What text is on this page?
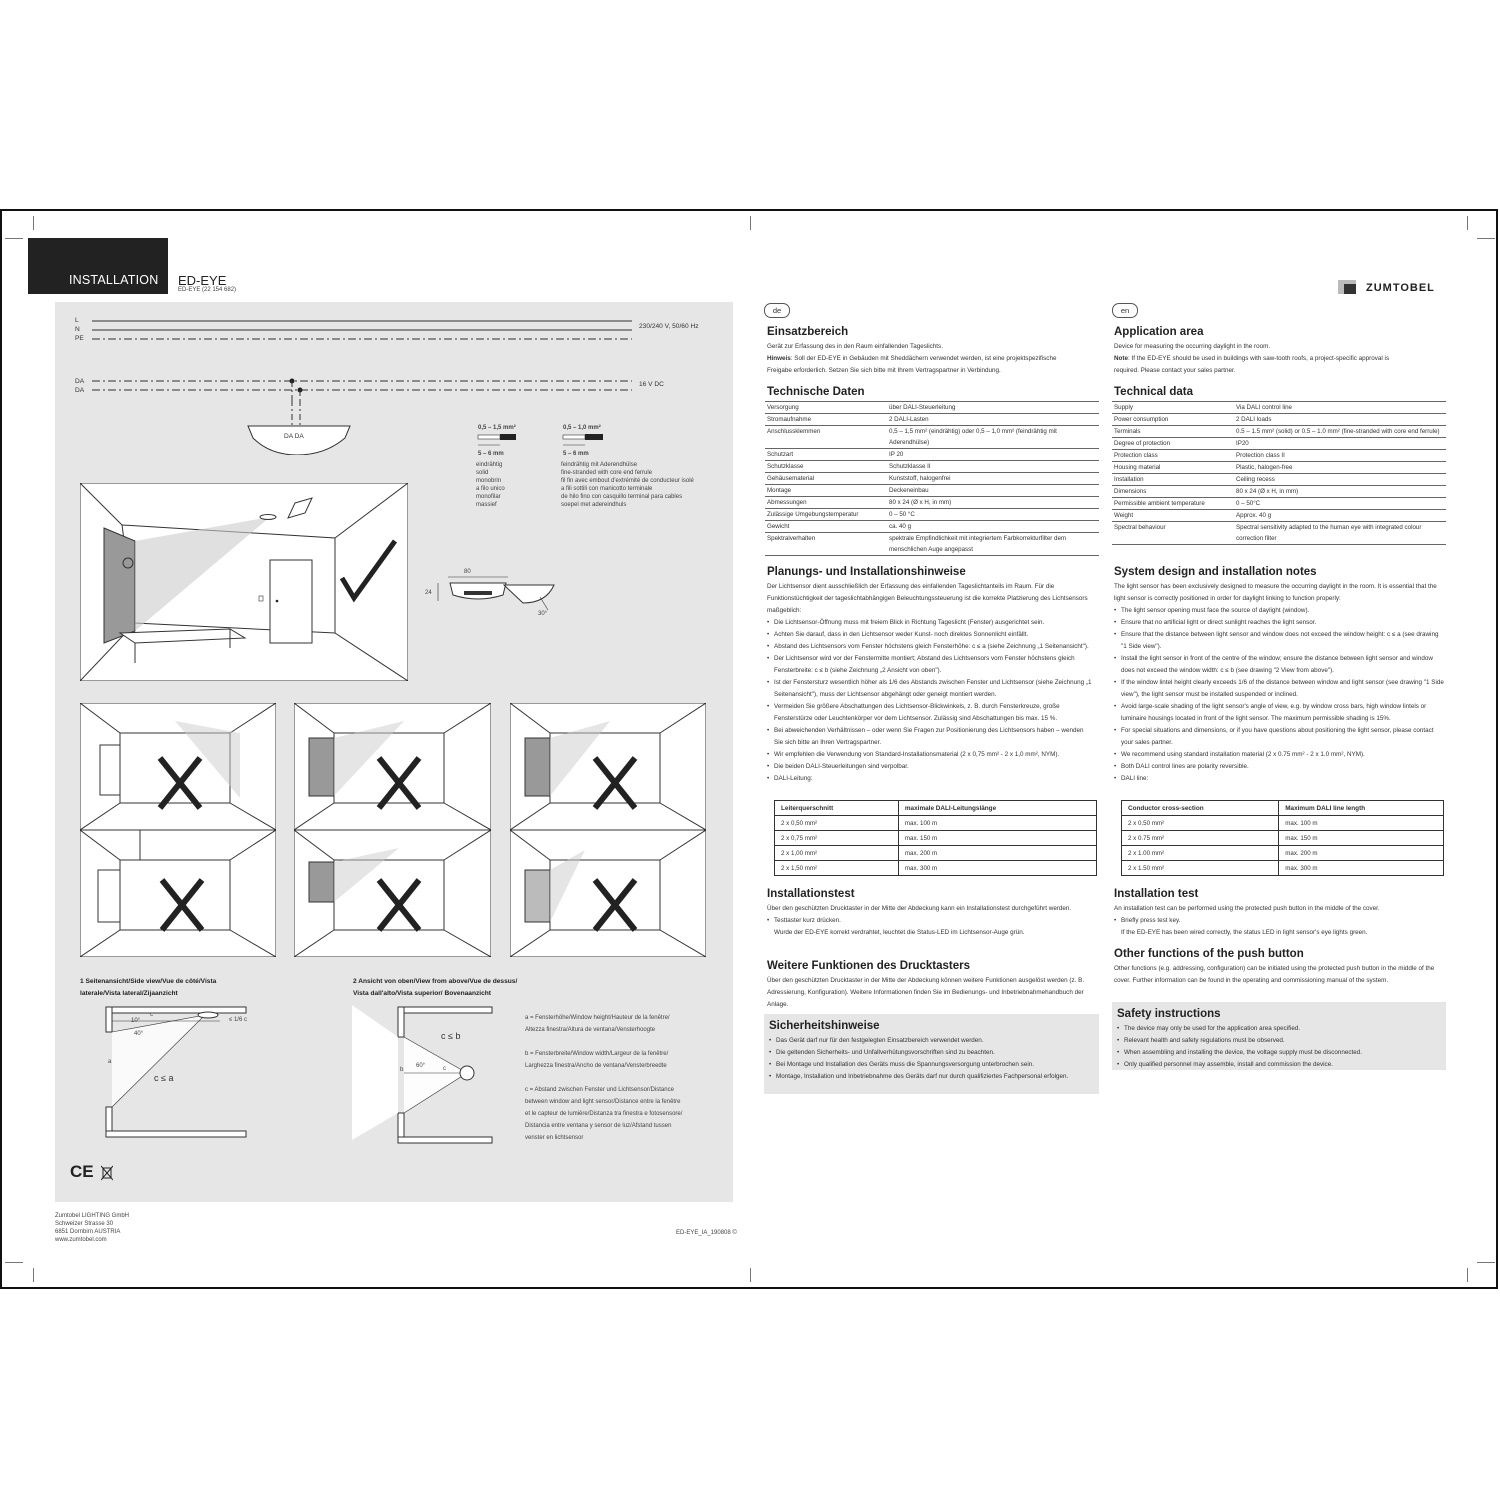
INSTALLATION ED-EYE
ED-EYE (22 154 682)	ZUMTOBEL
L
N
PE
230/240 V, 50/60 Hz
DA
DA
16 V DC
DA DA
0,5 – 1,5 mm²
5 – 6 mm
eindrähtig
solid
monobrin
a filo unico
monofilar
massief
0,5 – 1,0 mm²
5 – 6 mm
feindrähtig mit Aderendhülse
fine-stranded with core end ferrule
fil fin avec embout d'extrémité de conducteur isolé
a fili sottili con manicotto terminale
de hilo fino con casquillo terminal para cables
soepel met adereindhuls
80
24
30°
1 Seitenansicht/Side view/Vue de côté/Vista
laterale/Vista lateral/Zijaanzicht
2 Ansicht von oben/View from above/Vue de dessus/
Vista dall'alto/Vista superior/ Bovenaanzicht
a
c
10°
40°
≤ 1/6 c
c ≤ a
c ≤ b
60°
b	c
a = Fensterhöhe/Window height/Hauteur de la fenêtre/
Altezza finestra/Altura de ventana/Vensterhoogte
b = Fensterbreite/Window width/Largeur de la fenêtre/
Larghezza finestra/Ancho de ventana/Vensterbreedte
c = Abstand zwischen Fenster und Lichtsensor/Distance
between window and light sensor/Distance entre la fenêtre
et le capteur de lumière/Distanza tra finestra e fotosensore/
Distancia entre ventana y sensor de luz/Afstand tussen
venster en lichtsensor
CE
Zumtobel LIGHTING GmbH
Schweizer Strasse 30
6851 Dornbirn AUSTRIA
www.zumtobel.com
ED-EYE_IA_190808 ©
de
Einsatzbereich
Gerät zur Erfassung des in den Raum einfallenden Tageslichts.
Hinweis: Soll der ED-EYE in Gebäuden mit Sheddächern verwendet werden, ist eine projektspezifische
Freigabe erforderlich. Setzen Sie sich bitte mit Ihrem Vertragspartner in Verbindung.
Technische Daten
Versorgung	über DALI-Steuerleitung
Stromaufnahme	2 DALI-Lasten
Anschlussklemmen	0,5 – 1,5 mm² (eindrähtig) oder 0,5 – 1,0 mm² (feindrähtig mit Aderendhülse)
Schutzart	IP 20
Schutzklasse	Schutzklasse II
Gehäusematerial	Kunststoff, halogenfrei
Montage	Deckeneinbau
Abmessungen	80 x 24 (Ø x H, in mm)
Zulässige Umgebungstemperatur	0 – 50 °C
Gewicht	ca. 40 g
Spektralverhalten	spektrale Empfindlichkeit mit integriertem Farbkorrekturfilter dem menschlichen Auge angepasst
Planungs- und Installationshinweise
Der Lichtsensor dient ausschließlich der Erfassung des einfallenden Tageslichtanteils im Raum. Für die Funktionstüchtigkeit der tageslichtabhängigen Beleuchtungssteuerung ist die korrekte Platzierung des Lichtsensors maßgeblich:
• Die Lichtsensor-Öffnung muss mit freiem Blick in Richtung Tageslicht (Fenster) ausgerichtet sein.
• Achten Sie darauf, dass in den Lichtsensor weder Kunst- noch direktes Sonnenlicht einfällt.
• Abstand des Lichtsensors vom Fenster höchstens gleich Fensterhöhe: c ≤ a (siehe Zeichnung „1 Seitenansicht").
• Der Lichtsensor wird vor der Fenstermitte montiert; Abstand des Lichtsensors vom Fenster höchstens gleich Fensterbreite: c ≤ b (siehe Zeichnung „2 Ansicht von oben").
• Ist der Fenstersturz wesentlich höher als 1/6 des Abstands zwischen Fenster und Lichtsensor (siehe Zeichnung „1 Seitenansicht"), muss der Lichtsensor abgehängt oder geneigt montiert werden.
• Vermeiden Sie größere Abschattungen des Lichtsensor-Blickwinkels, z. B. durch Fensterkreuze, große Fensterstürze oder Leuchtenkörper vor dem Lichtsensor. Zulässig sind Abschattungen bis max. 15 %.
• Bei abweichenden Verhältnissen – oder wenn Sie Fragen zur Positionierung des Lichtsensors haben – wenden Sie sich bitte an Ihren Vertragspartner.
• Wir empfehlen die Verwendung von Standard-Installationsmaterial (2 x 0,75 mm² - 2 x 1,0 mm², NYM).
• Die beiden DALI-Steuerleitungen sind verpolbar.
• DALI-Leitung:
Leiterquerschnitt	maximale DALI-Leitungslänge
2 x 0,50 mm²	max. 100 m
2 x 0,75 mm²	max. 150 m
2 x 1,00 mm²	max. 200 m
2 x 1,50 mm²	max. 300 m
Installationstest
Über den geschützten Drucktaster in der Mitte der Abdeckung kann ein Installationstest durchgeführt werden.
• Testtaster kurz drücken.
Wurde der ED-EYE korrekt verdrahtet, leuchtet die Status-LED im Lichtsensor-Auge grün.
Weitere Funktionen des Drucktasters
Über den geschützten Drucktaster in der Mitte der Abdeckung können weitere Funktionen ausgelöst werden (z. B. Adressierung, Konfiguration). Weitere Informationen finden Sie im Bedienungs- und Inbetriebnahmehandbuch der Anlage.
Sicherheitshinweise
• Das Gerät darf nur für den festgelegten Einsatzbereich verwendet werden.
• Die geltenden Sicherheits- und Unfallverhütungsvorschriften sind zu beachten.
• Bei Montage und Installation des Geräts muss die Spannungsversorgung unterbrochen sein.
• Montage, Installation und Inbetriebnahme des Geräts darf nur durch qualifiziertes Fachpersonal erfolgen.
en
Application area
Device for measuring the occurring daylight in the room.
Note: If the ED-EYE should be used in buildings with saw-tooth roofs, a project-specific approval is
required. Please contact your sales partner.
Technical data
Supply	Via DALI control line
Power consumption	2 DALI loads
Terminals	0.5 – 1.5 mm² (solid) or 0.5 – 1.0 mm² (fine-stranded with core end ferrule)
Degree of protection	IP20
Protection class	Protection class II
Housing material	Plastic, halogen-free
Installation	Ceiling recess
Dimensions	80 x 24 (Ø x H, in mm)
Permissible ambient temperature	0 – 50°C
Weight	Approx. 40 g
Spectral behaviour	Spectral sensitivity adapted to the human eye with integrated colour correction filter
System design and installation notes
The light sensor has been exclusively designed to measure the occurring daylight in the room. It is essential that the light sensor is correctly positioned in order for daylight linking to function properly:
• The light sensor opening must face the source of daylight (window).
• Ensure that no artificial light or direct sunlight reaches the light sensor.
• Ensure that the distance between light sensor and window does not exceed the window height: c ≤ a (see drawing "1 Side view").
• Install the light sensor in front of the centre of the window; ensure the distance between light sensor and window does not exceed the window width: c ≤ b (see drawing "2 View from above").
• If the window lintel height clearly exceeds 1/6 of the distance between window and light sensor (see drawing "1 Side view"), the light sensor must be installed suspended or inclined.
• Avoid large-scale shading of the light sensor's angle of view, e.g. by window cross bars, high window lintels or luminaire housings located in front of the light sensor. The maximum permissible shading is 15%.
• For special situations and dimensions, or if you have questions about positioning the light sensor, please contact your sales partner.
• We recommend using standard installation material (2 x 0.75 mm² - 2 x 1.0 mm², NYM).
• Both DALI control lines are polarity reversible.
• DALI line:
Conductor cross-section	Maximum DALI line length
2 x 0.50 mm²	max. 100 m
2 x 0.75 mm²	max. 150 m
2 x 1.00 mm²	max. 200 m
2 x 1.50 mm²	max. 300 m
Installation test
An installation test can be performed using the protected push button in the middle of the cover.
• Briefly press test key.
If the ED-EYE has been wired correctly, the status LED in light sensor's eye lights green.
Other functions of the push button
Other functions (e.g. addressing, configuration) can be initiated using the protected push button in the middle of the cover. Further information can be found in the operating and commissioning manual of the system.
Safety instructions
• The device may only be used for the application area specified.
• Relevant health and safety regulations must be observed.
• When assembling and installing the device, the voltage supply must be disconnected.
• Only qualified personnel may assemble, install and commission the device.
